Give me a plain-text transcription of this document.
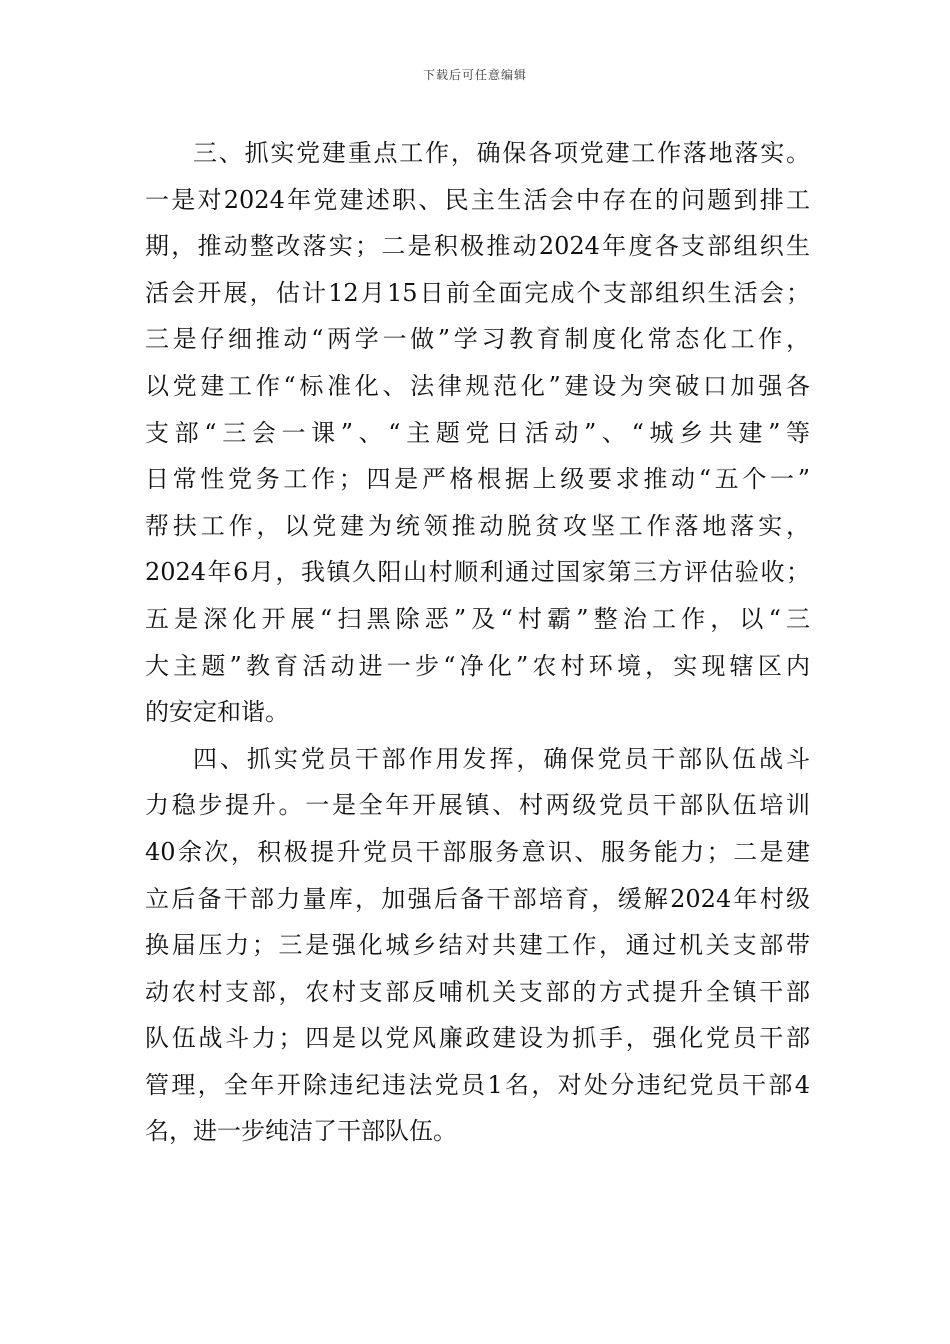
下载后可任意编辑
三、抓实党建重点工作，确保各项党建工作落地落实。
一是对2024年党建述职、民主生活会中存在的问题到排工
期，推动整改落实；二是积极推动2024年度各支部组织生
活会开展，估计12月15日前全面完成个支部组织生活会；
三是仔细推动“两学一做”学习教育制度化常态化工作，
以党建工作“标准化、法律规范化”建设为突破口加强各
支部“三会一课”、“主题党日活动”、“城乡共建”等
日常性党务工作；四是严格根据上级要求推动“五个一”
帮扶工作，以党建为统领推动脱贫攻坚工作落地落实，
2024年6月，我镇久阳山村顺利通过国家第三方评估验收；
五是深化开展“扫黑除恶”及“村霸”整治工作，以“三
大主题”教育活动进一步“净化”农村环境，实现辖区内
的安定和谐。
四、抓实党员干部作用发挥，确保党员干部队伍战斗
力稳步提升。一是全年开展镇、村两级党员干部队伍培训
40余次，积极提升党员干部服务意识、服务能力；二是建
立后备干部力量库，加强后备干部培育，缓解2024年村级
换届压力；三是强化城乡结对共建工作，通过机关支部带
动农村支部，农村支部反哺机关支部的方式提升全镇干部
队伍战斗力；四是以党风廉政建设为抓手，强化党员干部
管理，全年开除违纪违法党员1名，对处分违纪党员干部4
名，进一步纯洁了干部队伍。
